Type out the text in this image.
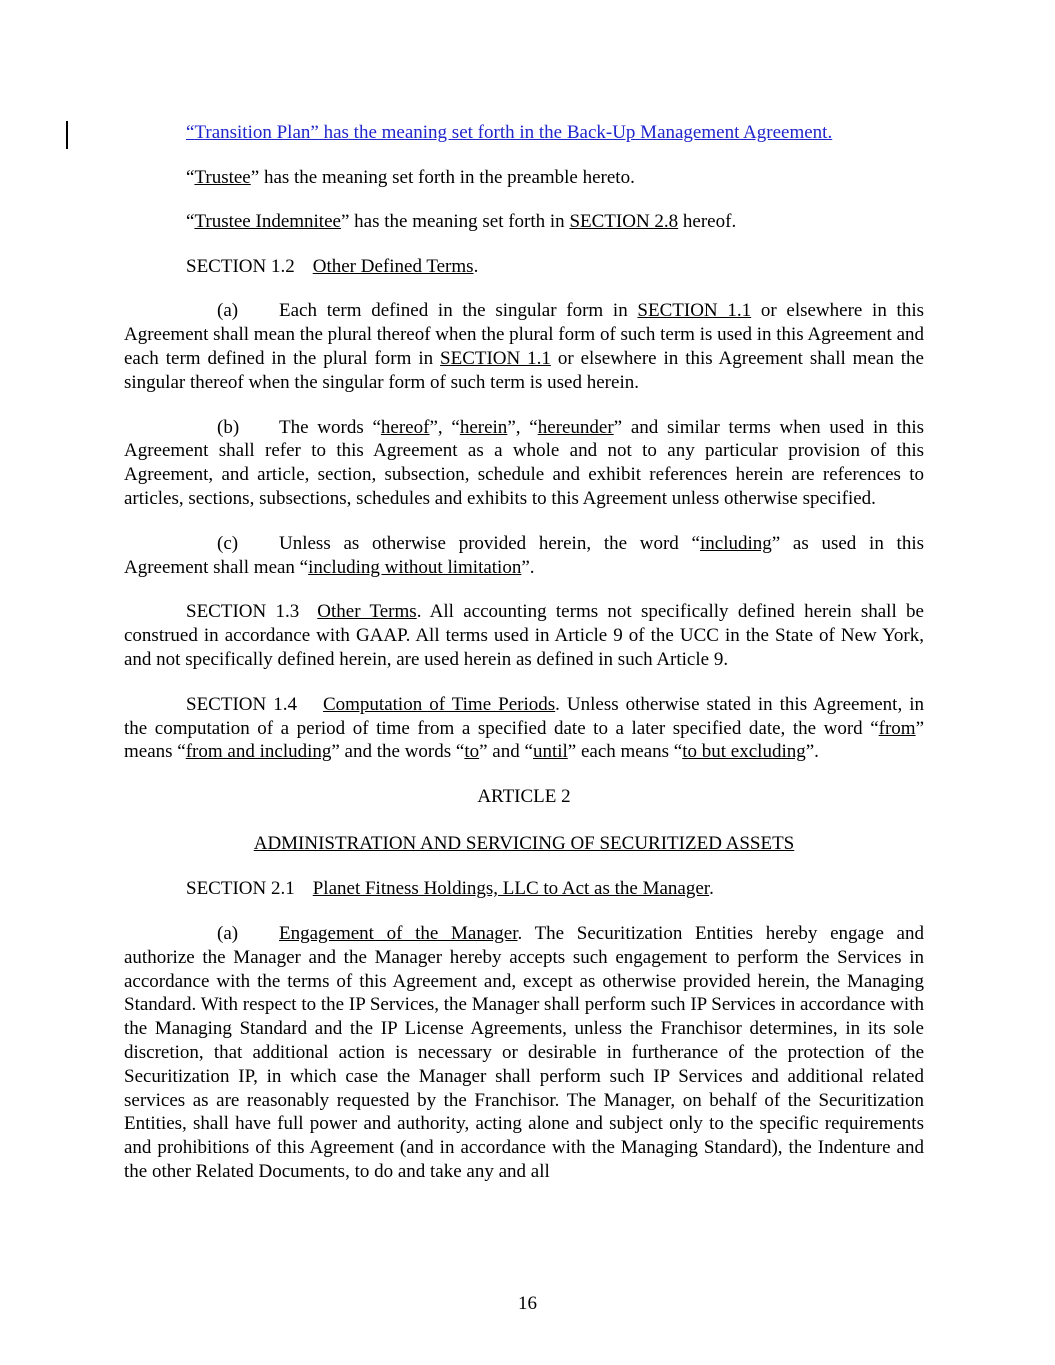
“Transition Plan” has the meaning set forth in the Back-Up Management Agreement.

“Trustee” has the meaning set forth in the preamble hereto.

“Trustee Indemnitee” has the meaning set forth in SECTION 2.8 hereof.

SECTION 1.2 Other Defined Terms.

(a) Each term defined in the singular form in SECTION 1.1 or elsewhere in this Agreement shall mean the plural thereof when the plural form of such term is used in this Agreement and each term defined in the plural form in SECTION 1.1 or elsewhere in this Agreement shall mean the singular thereof when the singular form of such term is used herein.

(b) The words “hereof”, “herein”, “hereunder” and similar terms when used in this Agreement shall refer to this Agreement as a whole and not to any particular provision of this Agreement, and article, section, subsection, schedule and exhibit references herein are references to articles, sections, subsections, schedules and exhibits to this Agreement unless otherwise specified.

(c) Unless as otherwise provided herein, the word “including” as used in this Agreement shall mean “including without limitation”.

SECTION 1.3 Other Terms. All accounting terms not specifically defined herein shall be construed in accordance with GAAP. All terms used in Article 9 of the UCC in the State of New York, and not specifically defined herein, are used herein as defined in such Article 9.

SECTION 1.4 Computation of Time Periods. Unless otherwise stated in this Agreement, in the computation of a period of time from a specified date to a later specified date, the word “from” means “from and including” and the words “to” and “until” each means “to but excluding”.

ARTICLE 2

ADMINISTRATION AND SERVICING OF SECURITIZED ASSETS

SECTION 2.1 Planet Fitness Holdings, LLC to Act as the Manager.

(a) Engagement of the Manager. The Securitization Entities hereby engage and authorize the Manager and the Manager hereby accepts such engagement to perform the Services in accordance with the terms of this Agreement and, except as otherwise provided herein, the Managing Standard. With respect to the IP Services, the Manager shall perform such IP Services in accordance with the Managing Standard and the IP License Agreements, unless the Franchisor determines, in its sole discretion, that additional action is necessary or desirable in furtherance of the protection of the Securitization IP, in which case the Manager shall perform such IP Services and additional related services as are reasonably requested by the Franchisor. The Manager, on behalf of the Securitization Entities, shall have full power and authority, acting alone and subject only to the specific requirements and prohibitions of this Agreement (and in accordance with the Managing Standard), the Indenture and the other Related Documents, to do and take any and all

16
